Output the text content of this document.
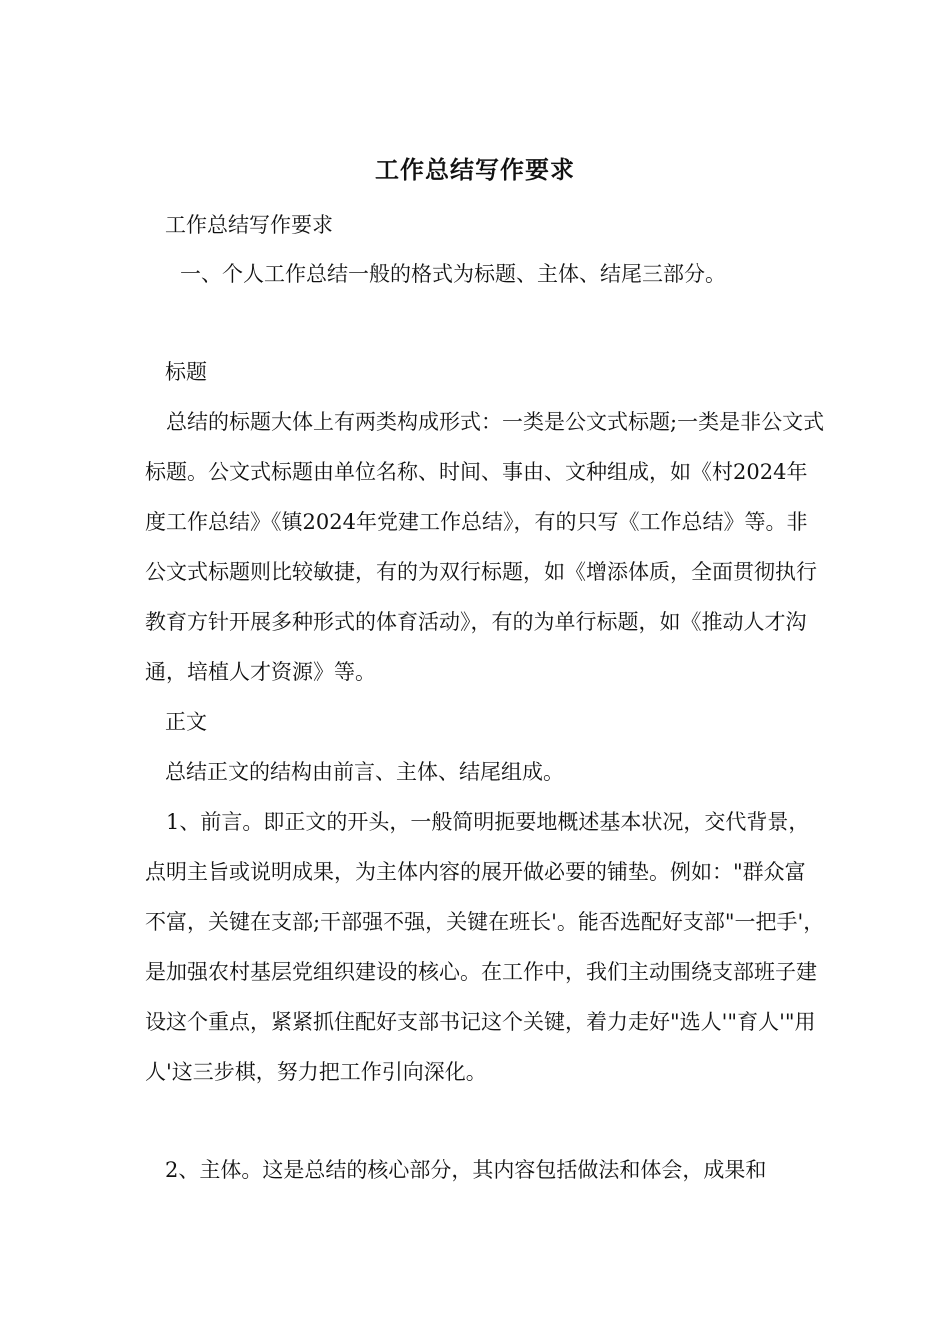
工作总结写作要求
工作总结写作要求
一、个人工作总结一般的格式为标题、主体、结尾三部分。
标题

总结的标题大体上有两类构成形式：一类是公文式标题;一类是非公文式标题。公文式标题由单位名称、时间、事由、文种组成，如《村2024年度工作总结》《镇2024年党建工作总结》，有的只写《工作总结》等。非公文式标题则比较敏捷，有的为双行标题，如《增添体质，全面贯彻执行教育方针开展多种形式的体育活动》，有的为单行标题，如《推动人才沟通，培植人才资源》等。

正文
总结正文的结构由前言、主体、结尾组成。

1、前言。即正文的开头，一般简明扼要地概述基本状况，交代背景，点明主旨或说明成果，为主体内容的展开做必要的铺垫。例如："群众富不富，关键在支部;干部强不强，关键在班长'。能否选配好支部"一把手'，是加强农村基层党组织建设的核心。在工作中，我们主动围绕支部班子建设这个重点，紧紧抓住配好支部书记这个关键，着力走好"选人'"育人'"用人'这三步棋，努力把工作引向深化。

2、主体。这是总结的核心部分，其内容包括做法和体会，成果和
